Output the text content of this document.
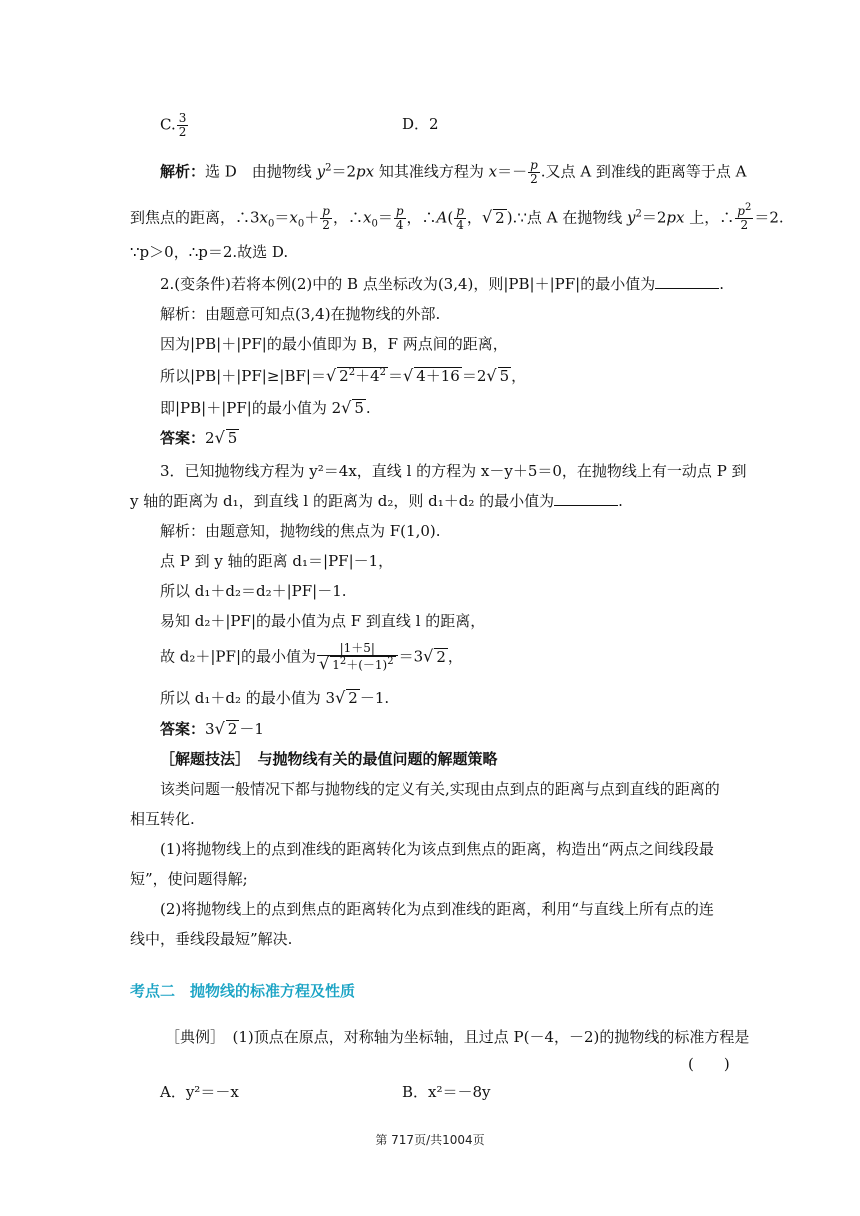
C. $\frac{3}{2}$	D．2
解析：选 D　由抛物线 $y^2=2px$ 知其准线方程为 $x=- \frac{p}{2}$ .又点 A 到准线的距离等于点 A
到焦点的距离，$\therefore 3x_0=x_0+ \frac{p}{2}$ ，$\therefore x_0= \frac{p}{4}$ ，∴A( $\frac{p}{4}$ ，√ 2 ).∵点 A 在抛物线 $y^2=2px$ 上，∴ $\frac{p^2}{2} =2$.
∵p＞0，∴p＝2.故选 D.
2.(变条件)若将本例(2)中的 B 点坐标改为(3,4)，则|PB|＋|PF|的最小值为	.
解析：由题意可知点(3,4)在抛物线的外部.
因为|PB|＋|PF|的最小值即为 B，F 两点间的距离，
所以|PB|＋|PF|≥|BF|＝√ $2^2+4^2$ ＝√ 4＋16 ＝2√ 5 ，
即|PB|＋|PF|的最小值为 2√ 5 .
答案：2√ 5
3．已知抛物线方程为 y²＝4x，直线 l 的方程为 x－y＋5＝0，在抛物线上有一动点 P 到
y 轴的距离为 d₁，到直线 l 的距离为 d₂，则 d₁＋d₂ 的最小值为	.
解析：由题意知，抛物线的焦点为 F(1,0).
点 P 到 y 轴的距离 d₁＝|PF|－1，
所以 d₁＋d₂＝d₂＋|PF|－1.
易知 d₂＋|PF|的最小值为点 F 到直线 l 的距离，
故 d₂＋|PF|的最小值为 $\frac{|1+5|}{√ 1^2+(-1)^2} =3√$ 2 ，
所以 d₁＋d₂ 的最小值为 3√ 2 －1.
答案：3√ 2 －1
［解题技法］　与抛物线有关的最值问题的解题策略
该类问题一般情况下都与抛物线的定义有关,实现由点到点的距离与点到直线的距离的
相互转化.
(1)将抛物线上的点到准线的距离转化为该点到焦点的距离，构造出“两点之间线段最
短”，使问题得解;
(2)将抛物线上的点到焦点的距离转化为点到准线的距离，利用“与直线上所有点的连
线中，垂线段最短”解决.
考点二　抛物线的标准方程及性质
［典例］　(1)顶点在原点，对称轴为坐标轴，且过点 P(－4，－2)的抛物线的标准方程是
(　　)
A．y²＝－x	B．x²＝－8y
第 717页/共1004页
